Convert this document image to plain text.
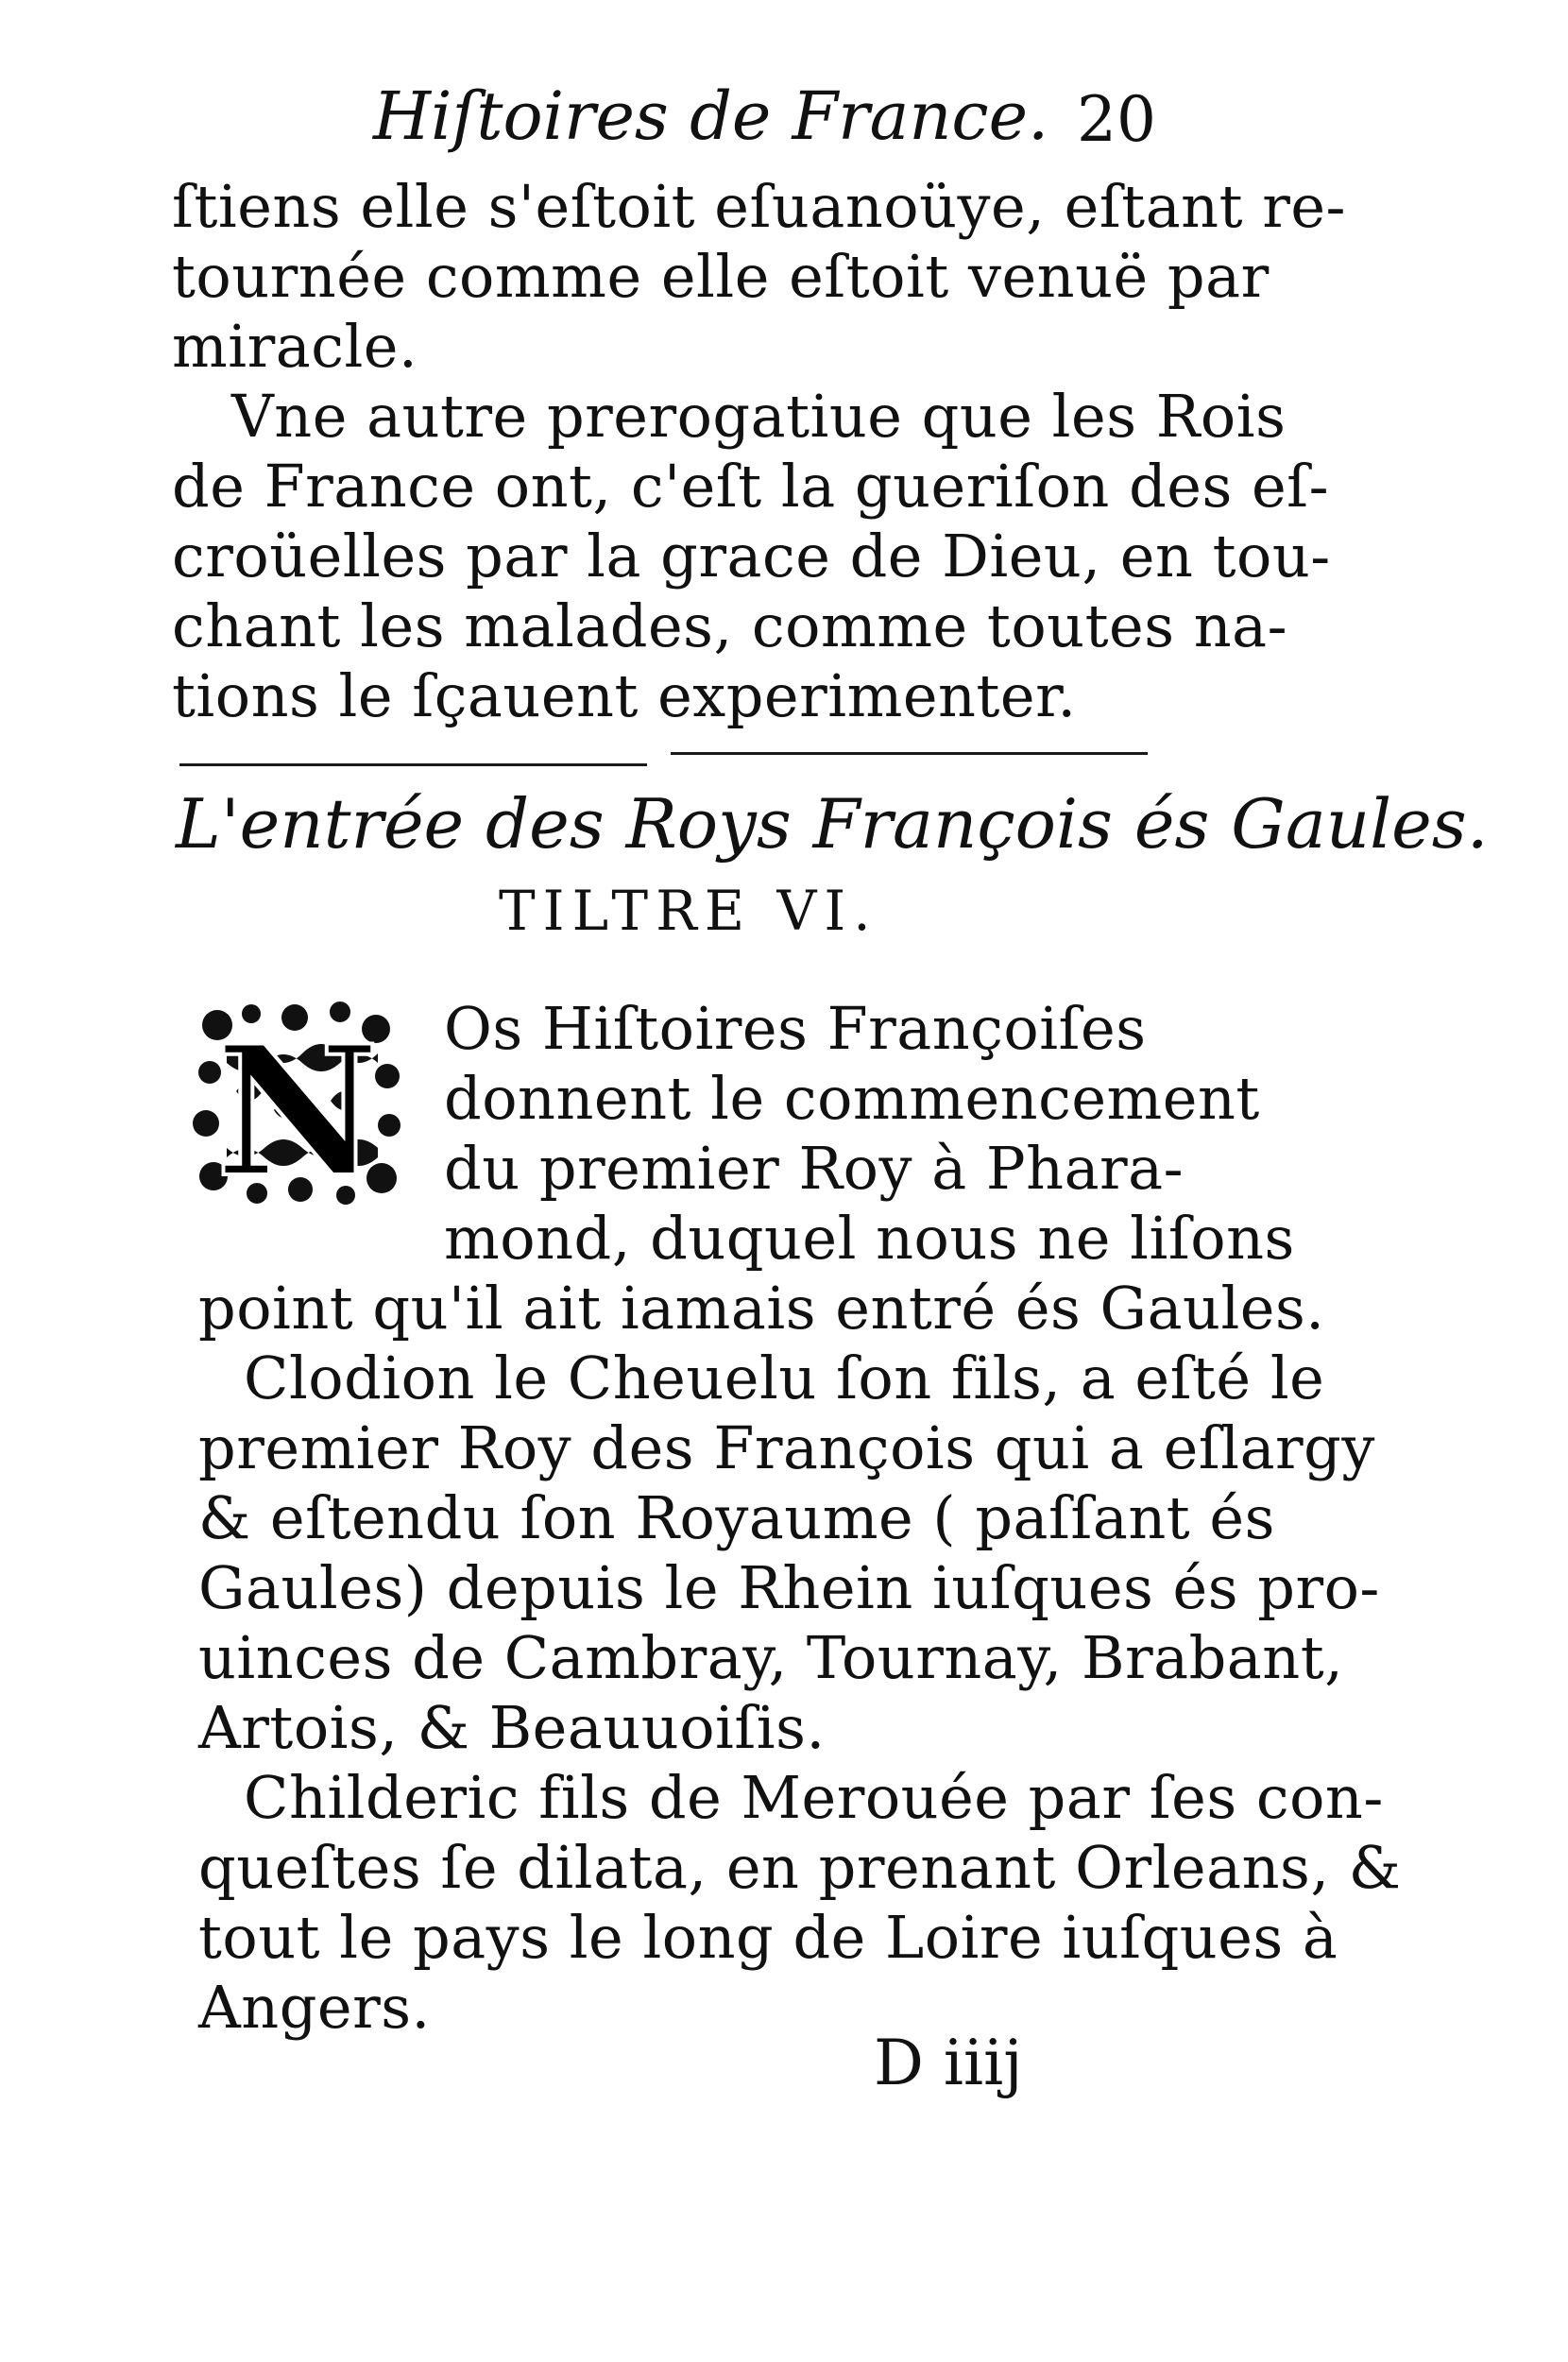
Hiſtoires de France. 20
ſtiens elle s'eſtoit eſuanoüye, eſtant re-
tournée comme elle eſtoit venuë par
miracle.
Vne autre prerogatiue que les Rois
de France ont, c'eſt la gueriſon des eſ-
croüelles par la grace de Dieu, en tou-
chant les malades, comme toutes na-
tions le ſçauent experimenter.
L'entrée des Roys François és Gaules.
TILTRE VI.
N Os Hiſtoires Françoiſes
donnent le commencement
du premier Roy à Phara-
mond, duquel nous ne liſons
point qu'il ait iamais entré és Gaules.
Clodion le Cheuelu ſon fils, a eſté le
premier Roy des François qui a eſlargy
& eſtendu ſon Royaume ( paſſant és
Gaules) depuis le Rhein iuſques és pro-
uinces de Cambray, Tournay, Brabant,
Artois, & Beauuoiſis.
Childeric fils de Merouée par ſes con-
queſtes ſe dilata, en prenant Orleans, &
tout le pays le long de Loire iuſques à
Angers.
D iiij
